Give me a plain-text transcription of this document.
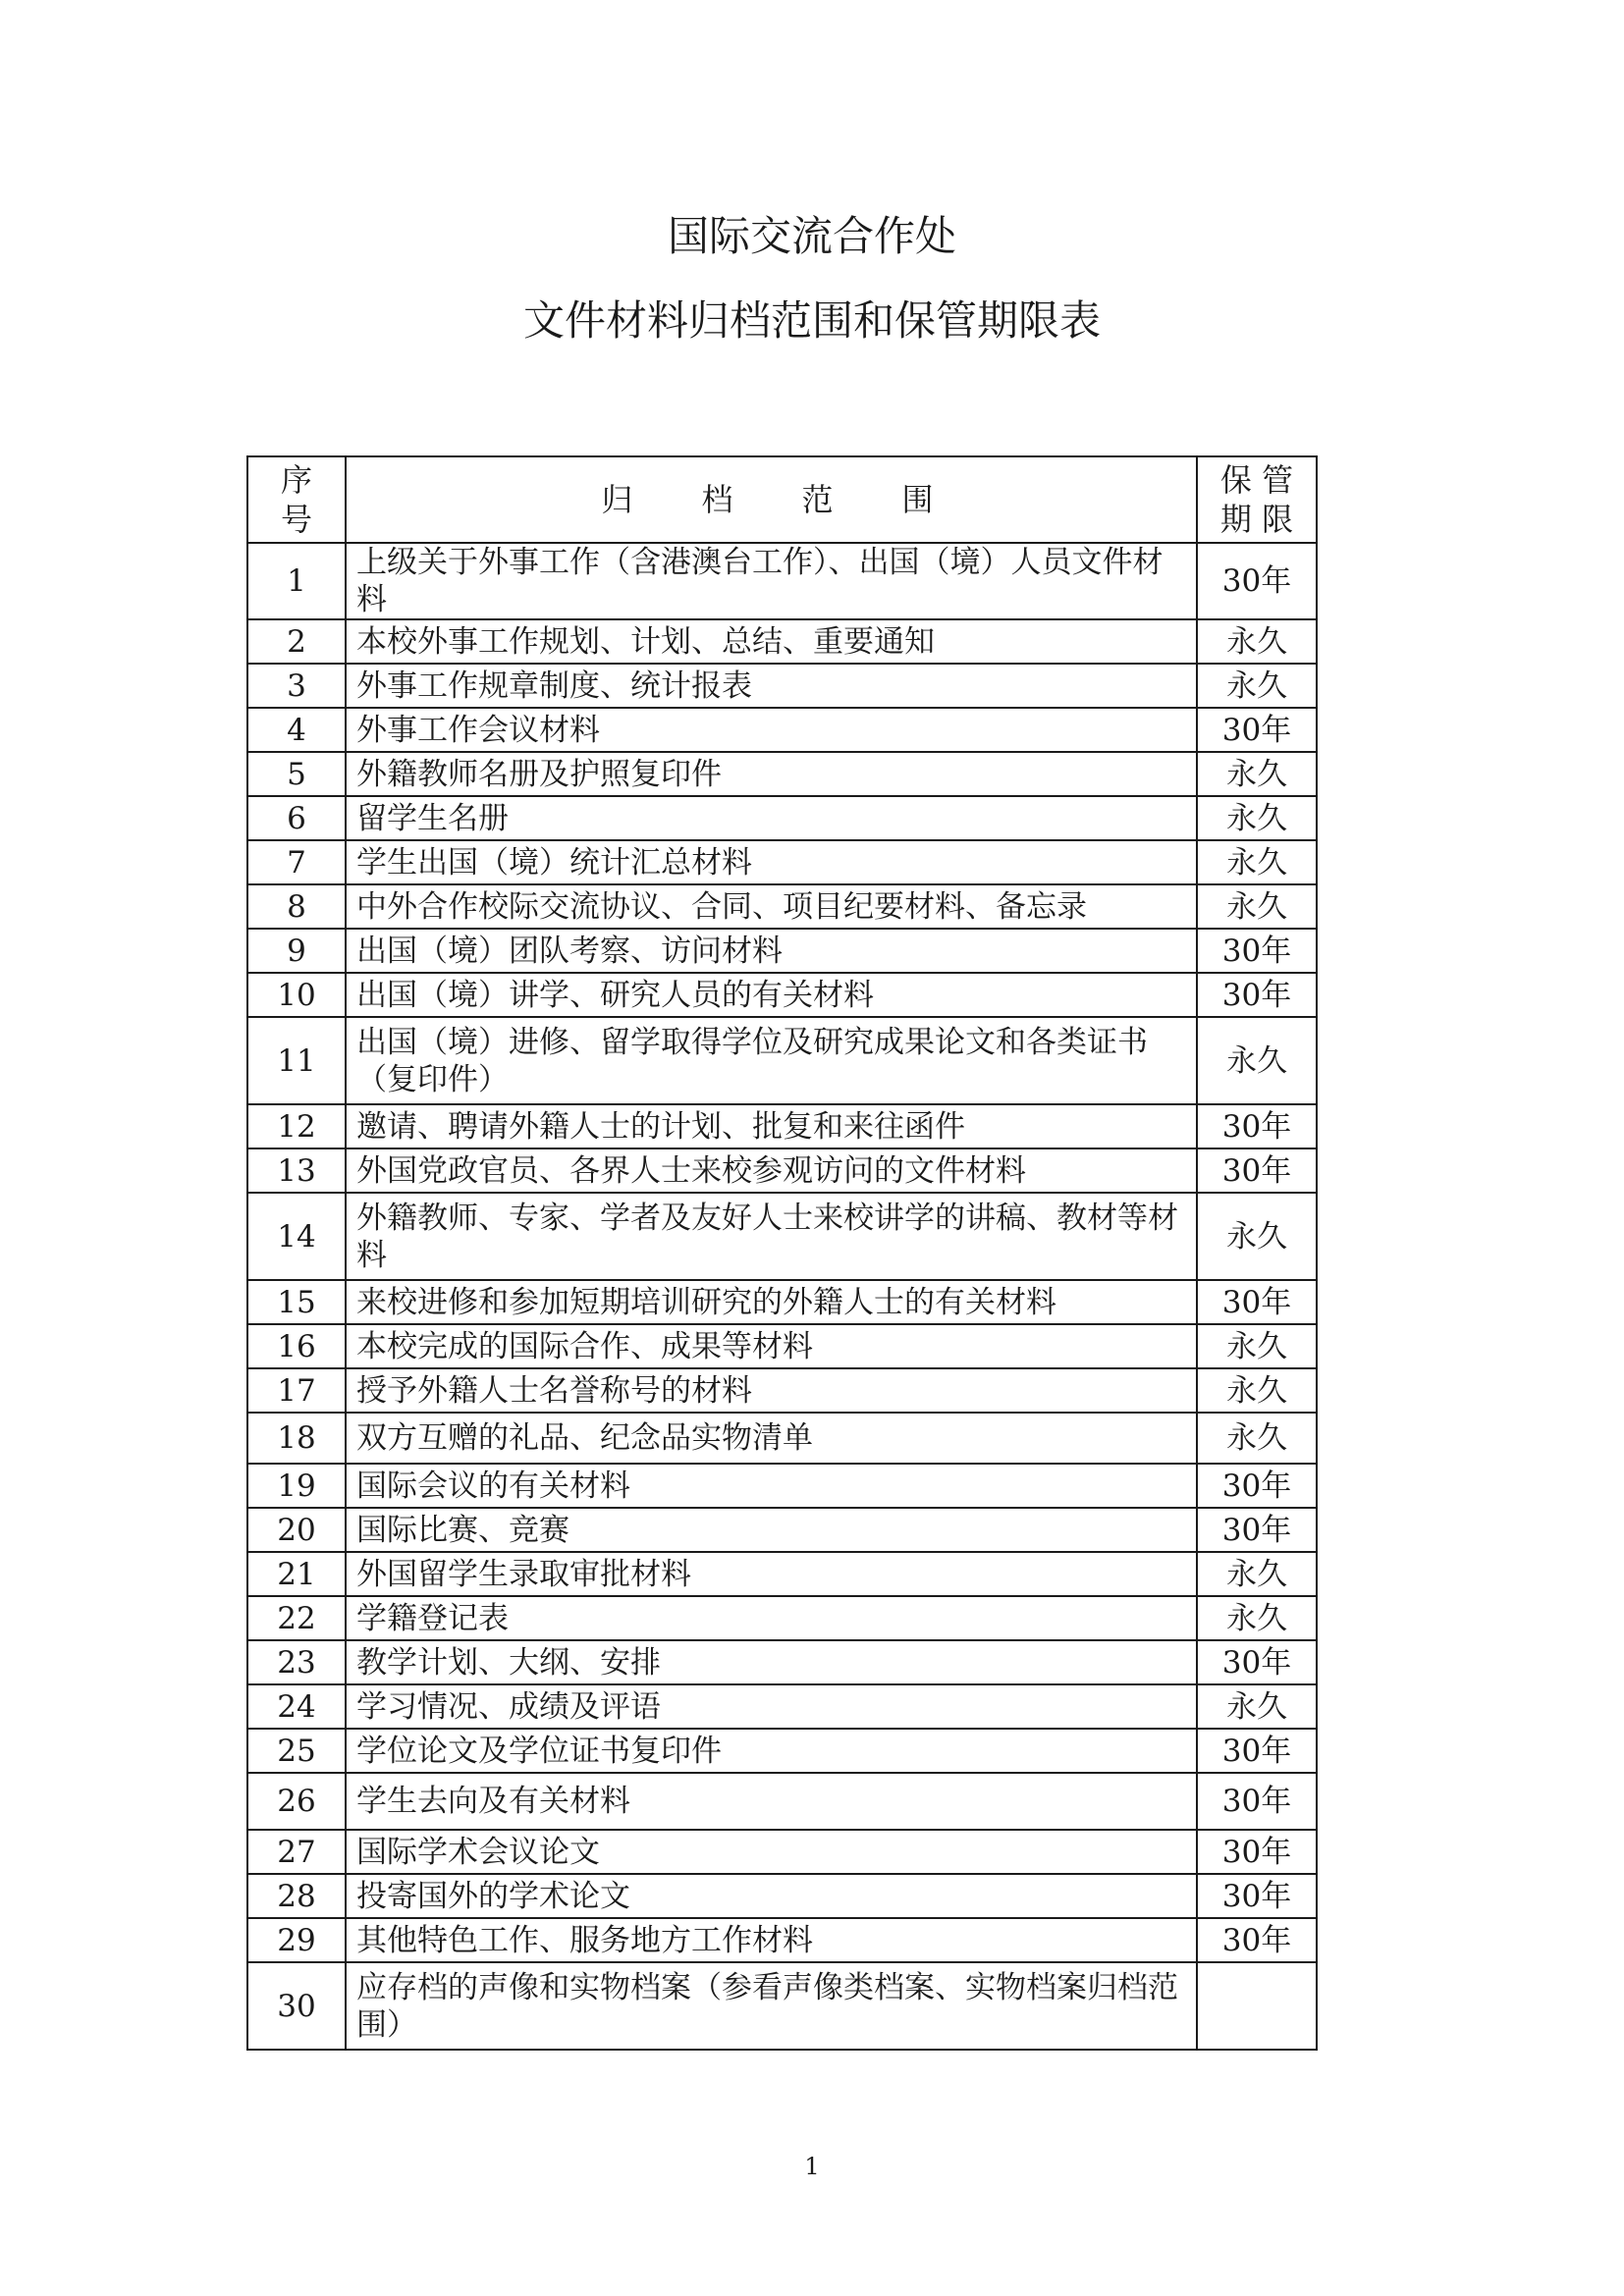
国际交流合作处
文件材料归档范围和保管期限表
序
号	归档范围	保 管
期 限

1	上级关于外事工作（含港澳台工作）、出国（境）人员文件材料	30年
2	本校外事工作规划、计划、总结、重要通知	永久
3	外事工作规章制度、统计报表	永久
4	外事工作会议材料	30年
5	外籍教师名册及护照复印件	永久
6	留学生名册	永久
7	学生出国（境）统计汇总材料	永久
8	中外合作校际交流协议、合同、项目纪要材料、备忘录	永久
9	出国（境）团队考察、访问材料	30年
10	出国（境）讲学、研究人员的有关材料	30年
11	出国（境）进修、留学取得学位及研究成果论文和各类证书（复印件）	永久
12	邀请、聘请外籍人士的计划、批复和来往函件	30年
13	外国党政官员、各界人士来校参观访问的文件材料	30年
14	外籍教师、专家、学者及友好人士来校讲学的讲稿、教材等材料	永久
15	来校进修和参加短期培训研究的外籍人士的有关材料	30年
16	本校完成的国际合作、成果等材料	永久
17	授予外籍人士名誉称号的材料	永久
18	双方互赠的礼品、纪念品实物清单	永久
19	国际会议的有关材料	30年
20	国际比赛、竞赛	30年
21	外国留学生录取审批材料	永久
22	学籍登记表	永久
23	教学计划、大纲、安排	30年
24	学习情况、成绩及评语	永久
25	学位论文及学位证书复印件	30年
26	学生去向及有关材料	30年
27	国际学术会议论文	30年
28	投寄国外的学术论文	30年
29	其他特色工作、服务地方工作材料	30年
30	应存档的声像和实物档案（参看声像类档案、实物档案归档范围）	
1
